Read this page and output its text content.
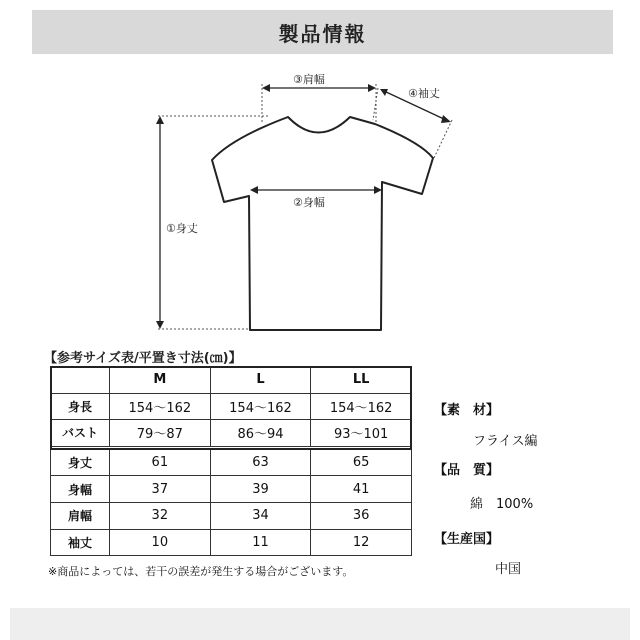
製品情報
①身丈
③肩幅
②身幅
④袖丈
【参考サイズ表/平置き寸法(㎝)】
	M	L	LL
身長	154～162	154～162	154～162
バスト	79～87	86～94	93～101

身丈	61	63	65
身幅	37	39	41
肩幅	32	34	36
袖丈	10	11	12
※商品によっては、若干の誤差が発生する場合がございます。
【素　材】
フライス編
【品　質】
綿　100%
【生産国】
中国
